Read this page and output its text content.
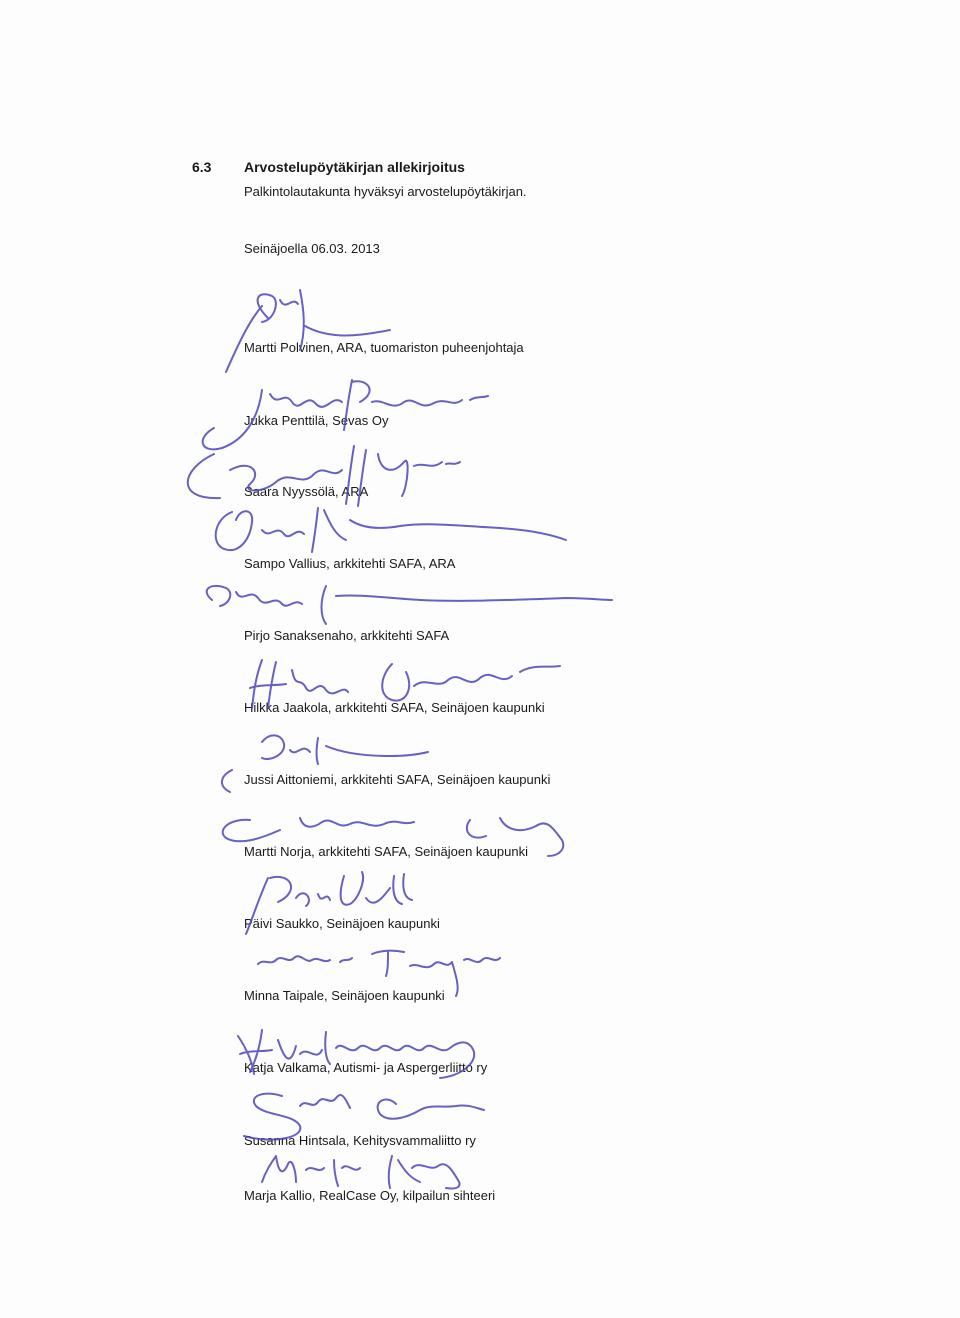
6.3 Arvostelupöytäkirjan allekirjoitus
Palkintolautakunta hyväksyi arvostelupöytäkirjan.
Seinäjoella 06.03. 2013
Martti Polvinen, ARA, tuomariston puheenjohtaja
Jukka Penttilä, Sevas Oy
Saara Nyyssölä, ARA
Sampo Vallius, arkkitehti SAFA, ARA
Pirjo Sanaksenaho, arkkitehti SAFA
Hilkka Jaakola, arkkitehti SAFA, Seinäjoen kaupunki
Jussi Aittoniemi, arkkitehti SAFA, Seinäjoen kaupunki
Martti Norja, arkkitehti SAFA, Seinäjoen kaupunki
Päivi Saukko, Seinäjoen kaupunki
Minna Taipale, Seinäjoen kaupunki
Katja Valkama, Autismi- ja Aspergerliitto ry
Susanna Hintsala, Kehitysvammaliitto ry
Marja Kallio, RealCase Oy, kilpailun sihteeri
